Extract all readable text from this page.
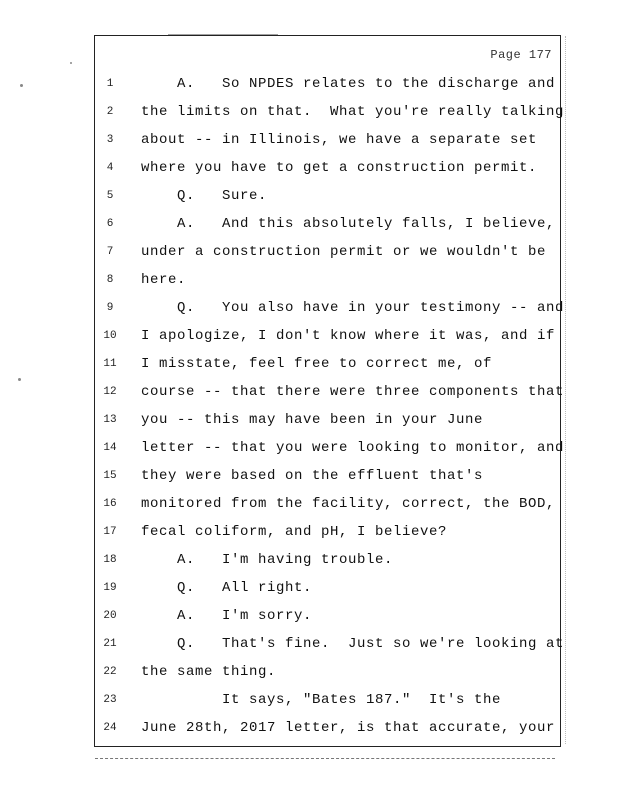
Page 177
1	A.   So NPDES relates to the discharge and
2	the limits on that.  What you're really talking
3	about -- in Illinois, we have a separate set
4	where you have to get a construction permit.
5	Q.   Sure.
6	A.   And this absolutely falls, I believe,
7	under a construction permit or we wouldn't be
8	here.
9	Q.   You also have in your testimony -- and
10	I apologize, I don't know where it was, and if
11	I misstate, feel free to correct me, of
12	course -- that there were three components that
13	you -- this may have been in your June
14	letter -- that you were looking to monitor, and
15	they were based on the effluent that's
16	monitored from the facility, correct, the BOD,
17	fecal coliform, and pH, I believe?
18	A.   I'm having trouble.
19	Q.   All right.
20	A.   I'm sorry.
21	Q.   That's fine.  Just so we're looking at
22	the same thing.
23	It says, "Bates 187."  It's the
24	June 28th, 2017 letter, is that accurate, your
